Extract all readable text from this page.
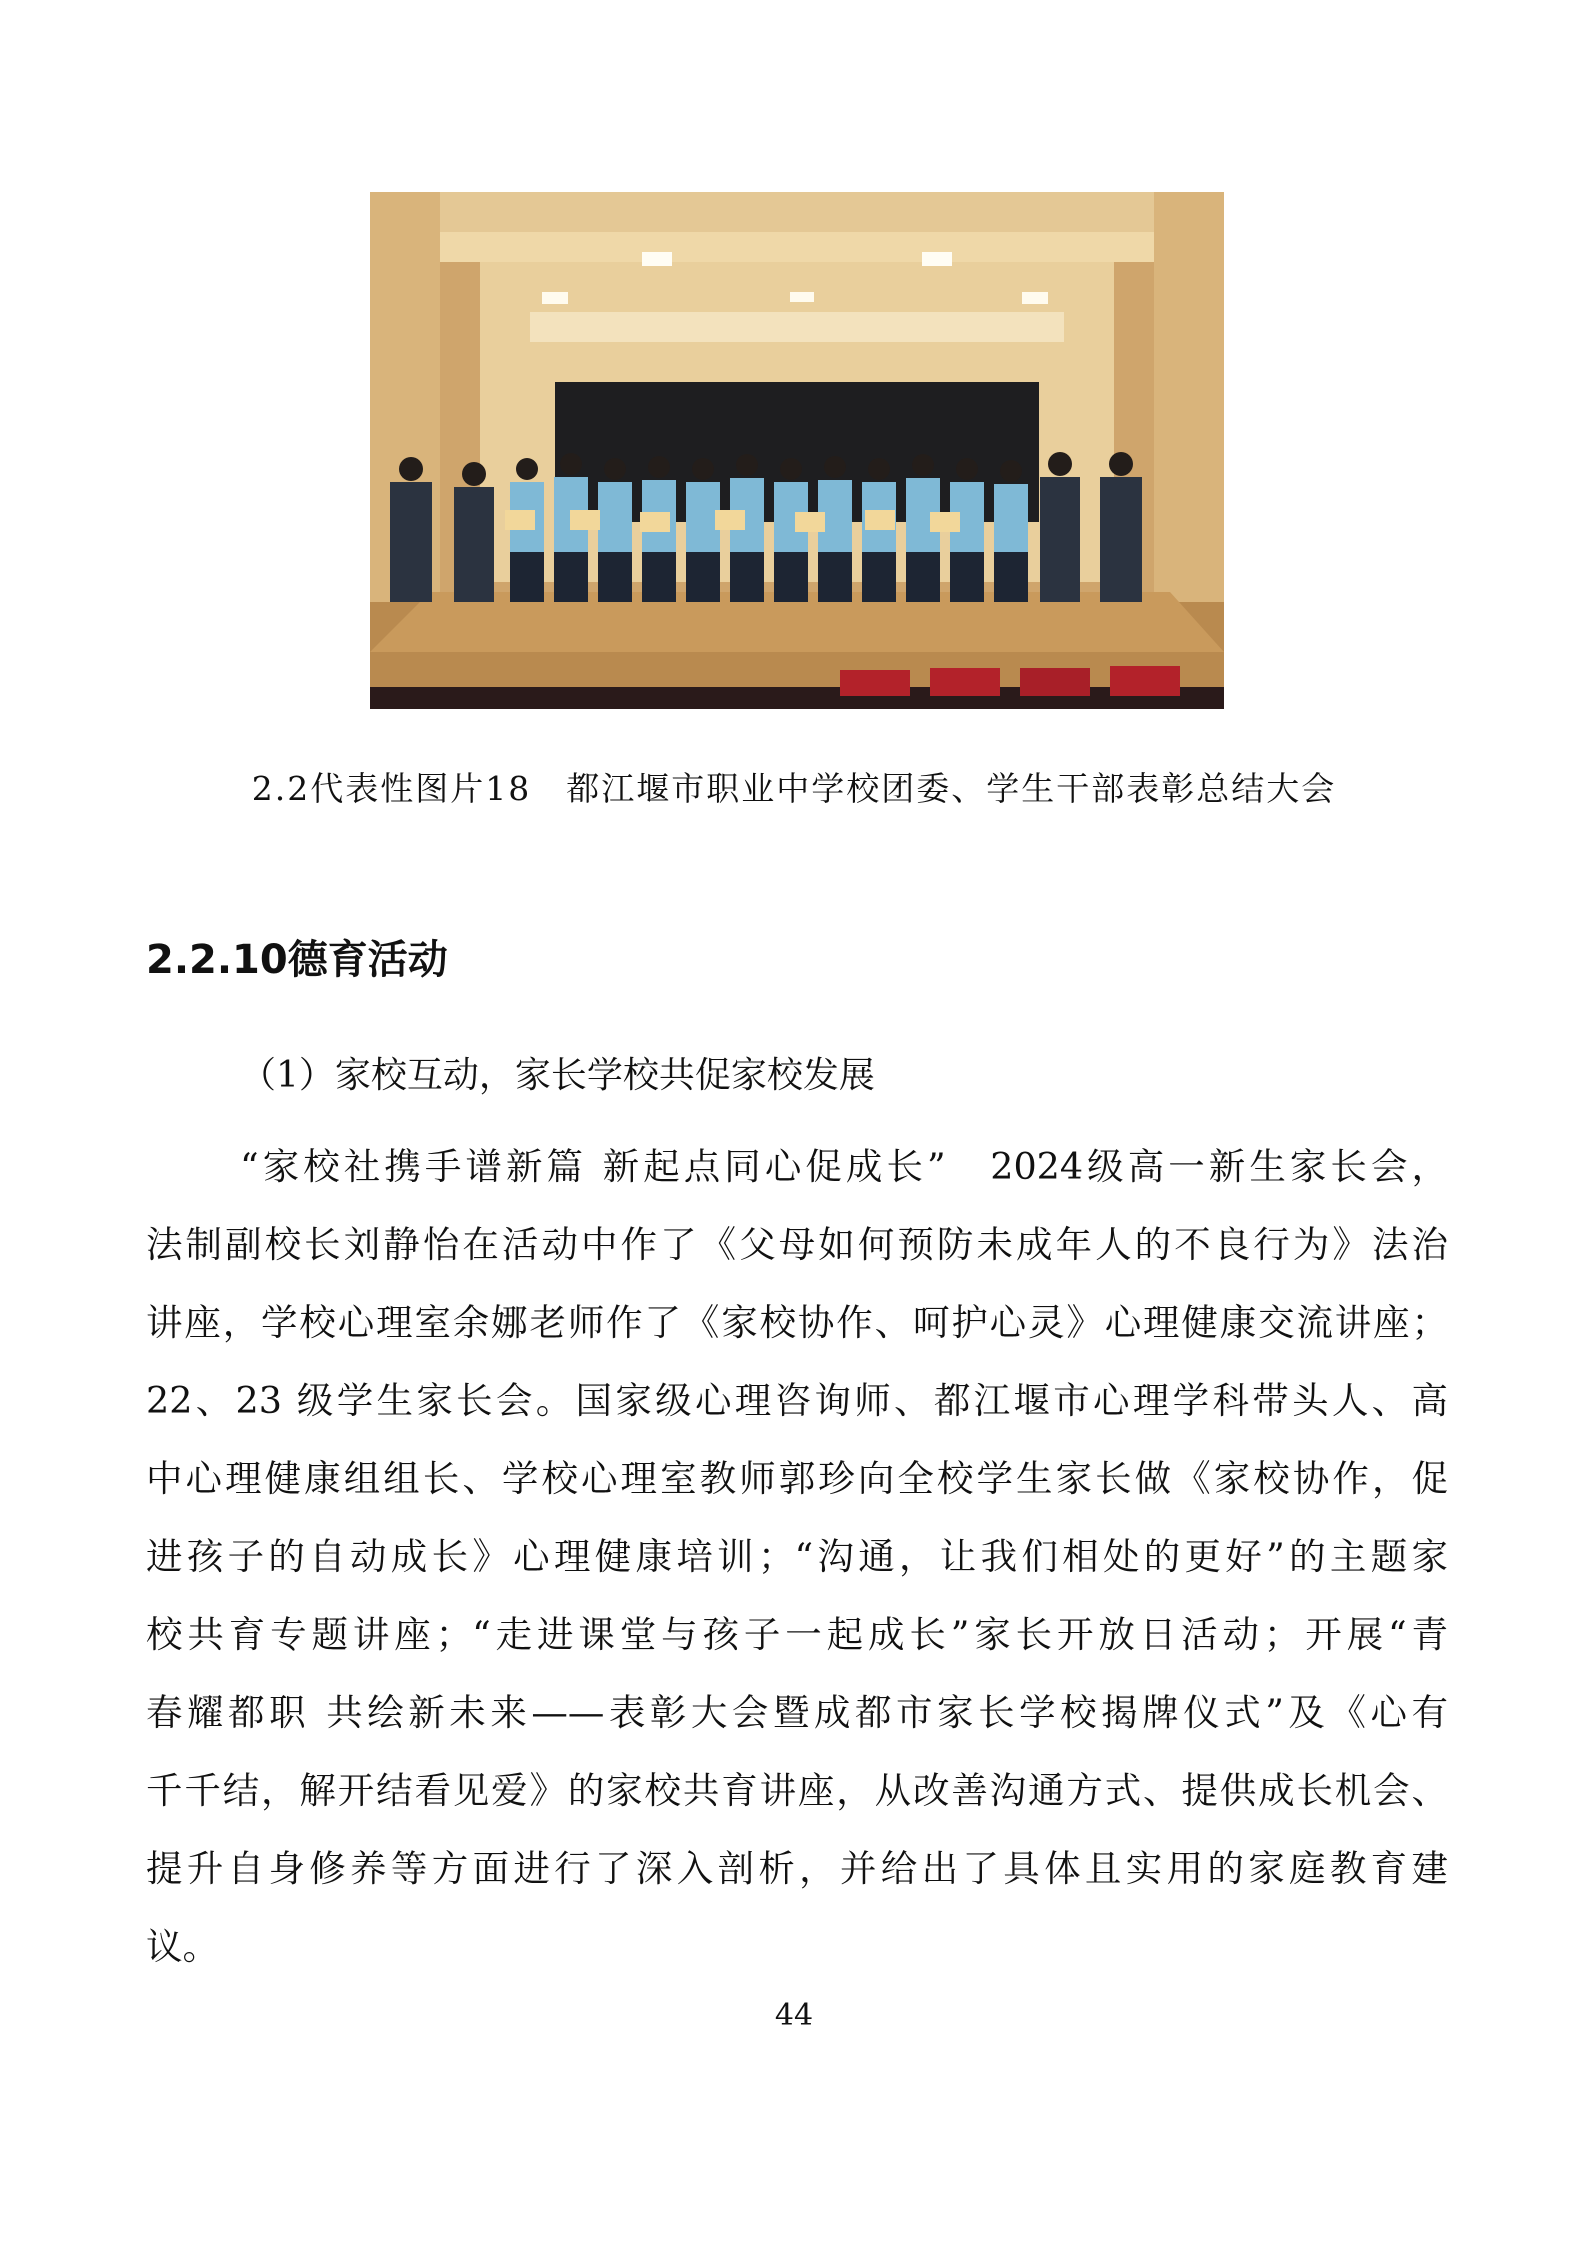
2.2代表性图片18　都江堰市职业中学校团委、学生干部表彰总结大会
2.2.10德育活动
（1）家校互动，家长学校共促家校发展
“家校社携手谱新篇 新起点同心促成长”　2024级高一新生家长会，
法制副校长刘静怡在活动中作了《父母如何预防未成年人的不良行为》法治
讲座，学校心理室余娜老师作了《家校协作、呵护心灵》心理健康交流讲座；
22、23 级学生家长会。国家级心理咨询师、都江堰市心理学科带头人、高
中心理健康组组长、学校心理室教师郭珍向全校学生家长做《家校协作，促
进孩子的自动成长》心理健康培训；“沟通，让我们相处的更好”的主题家
校共育专题讲座；“走进课堂与孩子一起成长”家长开放日活动；开展“青
春耀都职 共绘新未来——表彰大会暨成都市家长学校揭牌仪式”及《心有
千千结，解开结看见爱》的家校共育讲座，从改善沟通方式、提供成长机会、
提升自身修养等方面进行了深入剖析，并给出了具体且实用的家庭教育建
议。
44
